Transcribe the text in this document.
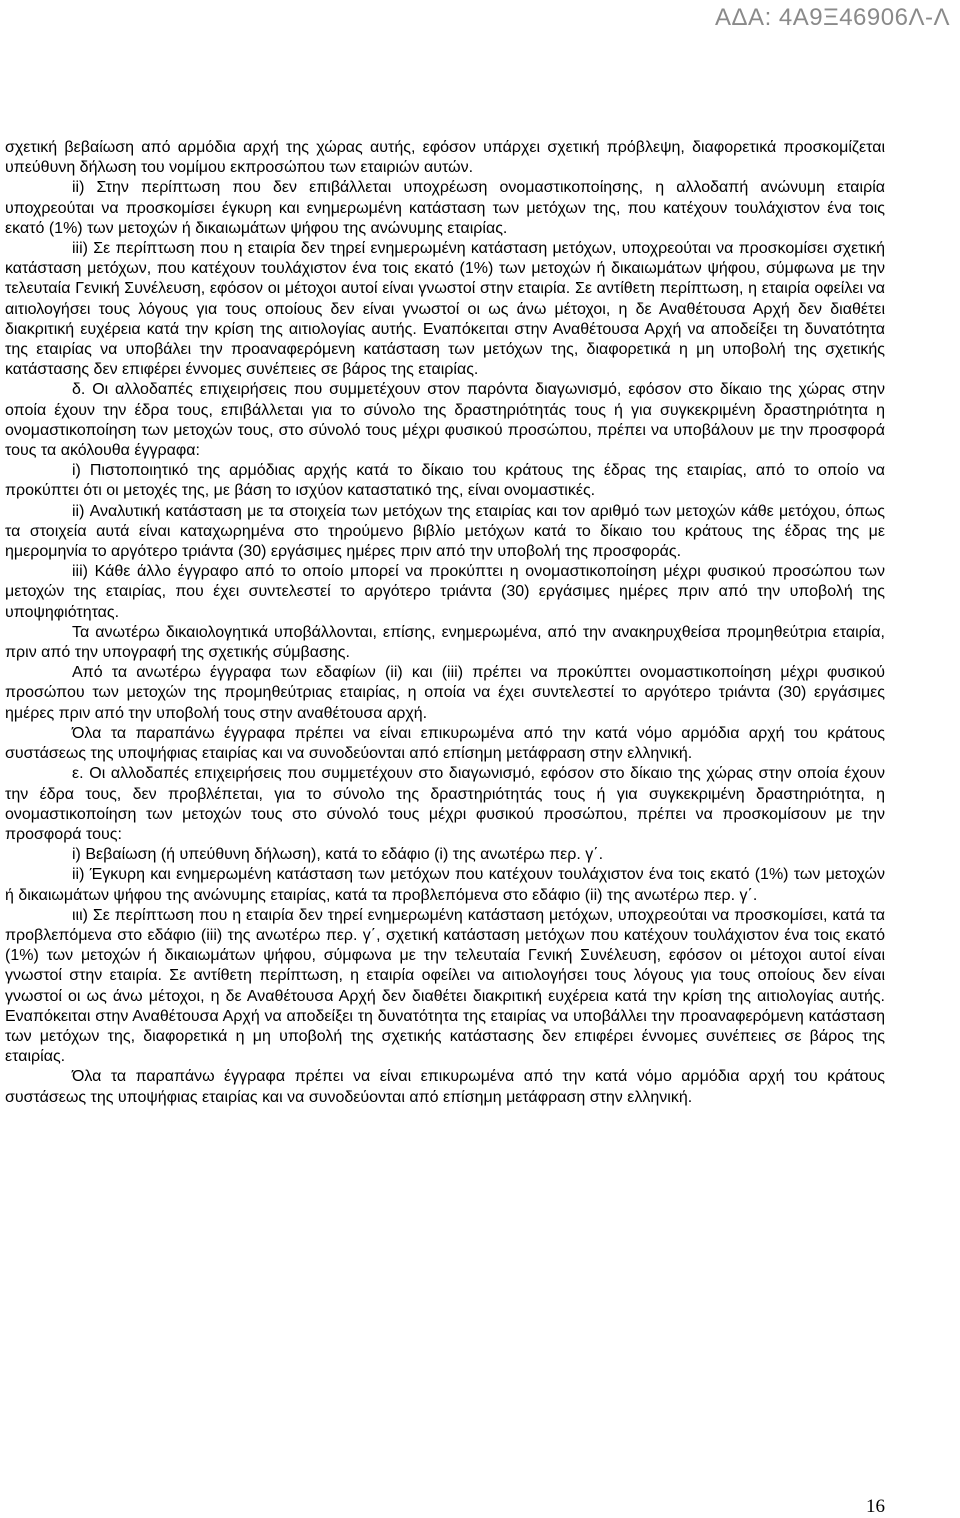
ΑΔΑ: 4Α9Ξ46906Λ-Λ

σχετική βεβαίωση από αρμόδια αρχή της χώρας αυτής, εφόσον υπάρχει σχετική πρόβλεψη, διαφορετικά προσκομίζεται υπεύθυνη δήλωση του νομίμου εκπροσώπου των εταιριών αυτών.

ii) Στην περίπτωση που δεν επιβάλλεται υποχρέωση ονομαστικοποίησης, η αλλοδαπή ανώνυμη εταιρία υποχρεούται να προσκομίσει έγκυρη και ενημερωμένη κατάσταση των μετόχων της, που κατέχουν τουλάχιστον ένα τοις εκατό (1%) των μετοχών ή δικαιωμάτων ψήφου της ανώνυμης εταιρίας.

iii) Σε περίπτωση που η εταιρία δεν τηρεί ενημερωμένη κατάσταση μετόχων, υποχρεούται να προσκομίσει σχετική κατάσταση μετόχων, που κατέχουν τουλάχιστον ένα τοις εκατό (1%) των μετοχών ή δικαιωμάτων ψήφου, σύμφωνα με την τελευταία Γενική Συνέλευση, εφόσον οι μέτοχοι αυτοί είναι γνωστοί στην εταιρία. Σε αντίθετη περίπτωση, η εταιρία οφείλει να αιτιολογήσει τους λόγους για τους οποίους δεν είναι γνωστοί οι ως άνω μέτοχοι, η δε Αναθέτουσα Αρχή δεν διαθέτει διακριτική ευχέρεια κατά την κρίση της αιτιολογίας αυτής. Εναπόκειται στην Αναθέτουσα Αρχή να αποδείξει τη δυνατότητα της εταιρίας να υποβάλει την προαναφερόμενη κατάσταση των μετόχων της, διαφορετικά η μη υποβολή της σχετικής κατάστασης δεν επιφέρει έννομες συνέπειες σε βάρος της εταιρίας.

δ. Οι αλλοδαπές επιχειρήσεις που συμμετέχουν στον παρόντα διαγωνισμό, εφόσον στο δίκαιο της χώρας στην οποία έχουν την έδρα τους, επιβάλλεται για το σύνολο της δραστηριότητάς τους ή για συγκεκριμένη δραστηριότητα η ονομαστικοποίηση των μετοχών τους, στο σύνολό τους μέχρι φυσικού προσώπου, πρέπει να υποβάλουν με την προσφορά τους τα ακόλουθα έγγραφα:

i) Πιστοποιητικό της αρμόδιας αρχής κατά το δίκαιο του κράτους της έδρας της εταιρίας, από το οποίο να προκύπτει ότι οι μετοχές της, με βάση το ισχύον καταστατικό της, είναι ονομαστικές.

ii) Αναλυτική κατάσταση με τα στοιχεία των μετόχων της εταιρίας και τον αριθμό των μετοχών κάθε μετόχου, όπως τα στοιχεία αυτά είναι καταχωρημένα στο τηρούμενο βιβλίο μετόχων κατά το δίκαιο του κράτους της έδρας της με ημερομηνία το αργότερο τριάντα (30) εργάσιμες ημέρες πριν από την υποβολή της προσφοράς.

iii) Κάθε άλλο έγγραφο από το οποίο μπορεί να προκύπτει η ονομαστικοποίηση μέχρι φυσικού προσώπου των μετοχών της εταιρίας, που έχει συντελεστεί το αργότερο τριάντα (30) εργάσιμες ημέρες πριν από την υποβολή της υποψηφιότητας.

Τα ανωτέρω δικαιολογητικά υποβάλλονται, επίσης, ενημερωμένα, από την ανακηρυχθείσα προμηθεύτρια εταιρία, πριν από την υπογραφή της σχετικής σύμβασης.

Από τα ανωτέρω έγγραφα των εδαφίων (ii) και (iii) πρέπει να προκύπτει ονομαστικοποίηση μέχρι φυσικού προσώπου των μετοχών της προμηθεύτριας εταιρίας, η οποία να έχει συντελεστεί το αργότερο τριάντα (30) εργάσιμες ημέρες πριν από την υποβολή τους στην αναθέτουσα αρχή.

Όλα τα παραπάνω έγγραφα πρέπει να είναι επικυρωμένα από την κατά νόμο αρμόδια αρχή του κράτους συστάσεως της υποψήφιας εταιρίας και να συνοδεύονται από επίσημη μετάφραση στην ελληνική.

ε. Οι αλλοδαπές επιχειρήσεις που συμμετέχουν στο διαγωνισμό, εφόσον στο δίκαιο της χώρας στην οποία έχουν την έδρα τους, δεν προβλέπεται, για το σύνολο της δραστηριότητάς τους ή για συγκεκριμένη δραστηριότητα, η ονομαστικοποίηση των μετοχών τους στο σύνολό τους μέχρι φυσικού προσώπου, πρέπει να προσκομίσουν με την προσφορά τους:

i) Βεβαίωση (ή υπεύθυνη δήλωση), κατά το εδάφιο (i) της ανωτέρω περ. γ΄.

ii) Έγκυρη και ενημερωμένη κατάσταση των μετόχων που κατέχουν τουλάχιστον ένα τοις εκατό (1%) των μετοχών ή δικαιωμάτων ψήφου της ανώνυμης εταιρίας, κατά τα προβλεπόμενα στο εδάφιο (ii) της ανωτέρω περ. γ΄.

ιιι) Σε περίπτωση που η εταιρία δεν τηρεί ενημερωμένη κατάσταση μετόχων, υποχρεούται να προσκομίσει, κατά τα προβλεπόμενα στο εδάφιο (iii) της ανωτέρω περ. γ΄, σχετική κατάσταση μετόχων που κατέχουν τουλάχιστον ένα τοις εκατό (1%) των μετοχών ή δικαιωμάτων ψήφου, σύμφωνα με την τελευταία Γενική Συνέλευση, εφόσον οι μέτοχοι αυτοί είναι γνωστοί στην εταιρία. Σε αντίθετη περίπτωση, η εταιρία οφείλει να αιτιολογήσει τους λόγους για τους οποίους δεν είναι γνωστοί οι ως άνω μέτοχοι, η δε Αναθέτουσα Αρχή δεν διαθέτει διακριτική ευχέρεια κατά την κρίση της αιτιολογίας αυτής. Εναπόκειται στην Αναθέτουσα Αρχή να αποδείξει τη δυνατότητα της εταιρίας να υποβάλλει την προαναφερόμενη κατάσταση των μετόχων της, διαφορετικά η μη υποβολή της σχετικής κατάστασης δεν επιφέρει έννομες συνέπειες σε βάρος της εταιρίας.

Όλα τα παραπάνω έγγραφα πρέπει να είναι επικυρωμένα από την κατά νόμο αρμόδια αρχή του κράτους συστάσεως της υποψήφιας εταιρίας και να συνοδεύονται από επίσημη μετάφραση στην ελληνική.

16
